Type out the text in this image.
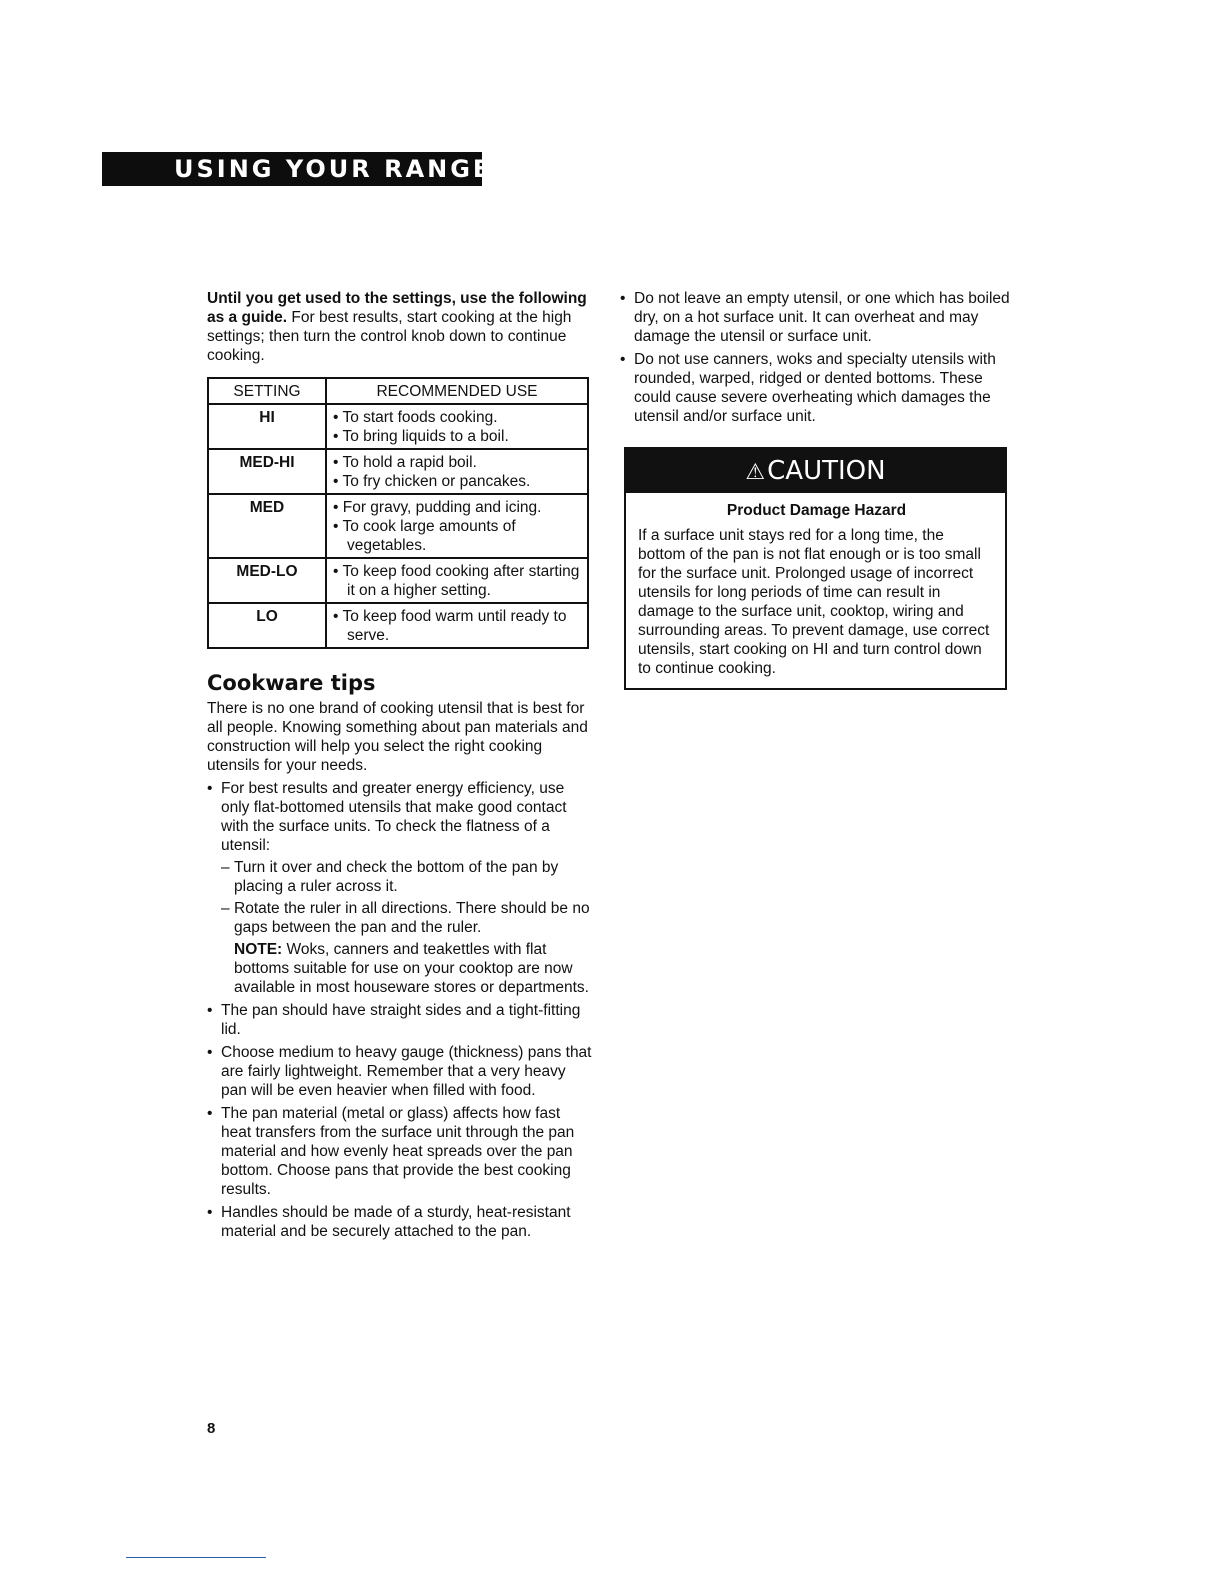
USING YOUR RANGE

Until you get used to the settings, use the following as a guide. For best results, start cooking at the high settings; then turn the control knob down to continue cooking.

SETTING	RECOMMENDED USE
HI	• To start foods cooking.
• To bring liquids to a boil.

MED-HI	• To hold a rapid boil.
• To fry chicken or pancakes.

MED	• For gravy, pudding and icing.
• To cook large amounts of vegetables.

MED-LO	• To keep food cooking after starting it on a higher setting.

LO	• To keep food warm until ready to serve.
Cookware tips

There is no one brand of cooking utensil that is best for all people. Knowing something about pan materials and construction will help you select the right cooking utensils for your needs.

• For best results and greater energy efficiency, use only flat-bottomed utensils that make good contact with the surface units. To check the flatness of a utensil:
– Turn it over and check the bottom of the pan by placing a ruler across it.
– Rotate the ruler in all directions. There should be no gaps between the pan and the ruler.
NOTE: Woks, canners and teakettles with flat bottoms suitable for use on your cooktop are now available in most houseware stores or departments.
• The pan should have straight sides and a tight-fitting lid.
• Choose medium to heavy gauge (thickness) pans that are fairly lightweight. Remember that a very heavy pan will be even heavier when filled with food.
• The pan material (metal or glass) affects how fast heat transfers from the surface unit through the pan material and how evenly heat spreads over the pan bottom. Choose pans that provide the best cooking results.
• Handles should be made of a sturdy, heat-resistant material and be securely attached to the pan.
• Do not leave an empty utensil, or one which has boiled dry, on a hot surface unit. It can overheat and may damage the utensil or surface unit.
• Do not use canners, woks and specialty utensils with rounded, warped, ridged or dented bottoms. These could cause severe overheating which damages the utensil and/or surface unit.
⚠CAUTION
Product Damage Hazard

If a surface unit stays red for a long time, the bottom of the pan is not flat enough or is too small for the surface unit. Prolonged usage of incorrect utensils for long periods of time can result in damage to the surface unit, cooktop, wiring and surrounding areas. To prevent damage, use correct utensils, start cooking on HI and turn control down to continue cooking.

8
